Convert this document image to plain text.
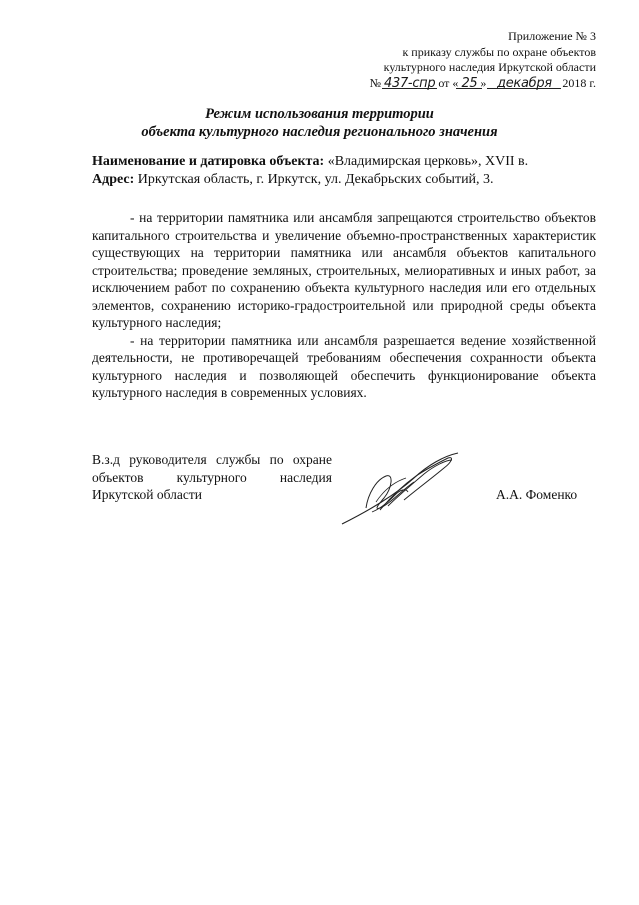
Приложение № 3
к приказу службы по охране объектов
культурного наследия Иркутской области
№ 437-спр от « 25 » декабря 2018 г.
Режим использования территории
объекта культурного наследия регионального значения
Наименование и датировка объекта: «Владимирская церковь», XVII в.
Адрес: Иркутская область, г. Иркутск, ул. Декабрьских событий, 3.

- на территории памятника или ансамбля запрещаются строительство объектов капитального строительства и увеличение объемно-пространственных характеристик существующих на территории памятника или ансамбля объектов капитального строительства; проведение земляных, строительных, мелиоративных и иных работ, за исключением работ по сохранению объекта культурного наследия или его отдельных элементов, сохранению историко-градостроительной или природной среды объекта культурного наследия;

- на территории памятника или ансамбля разрешается ведение хозяйственной деятельности, не противоречащей требованиям обеспечения сохранности объекта культурного наследия и позволяющей обеспечить функционирование объекта культурного наследия в современных условиях.

В.з.д руководителя службы по охране объектов культурного наследия Иркутской области	А.А. Фоменко
